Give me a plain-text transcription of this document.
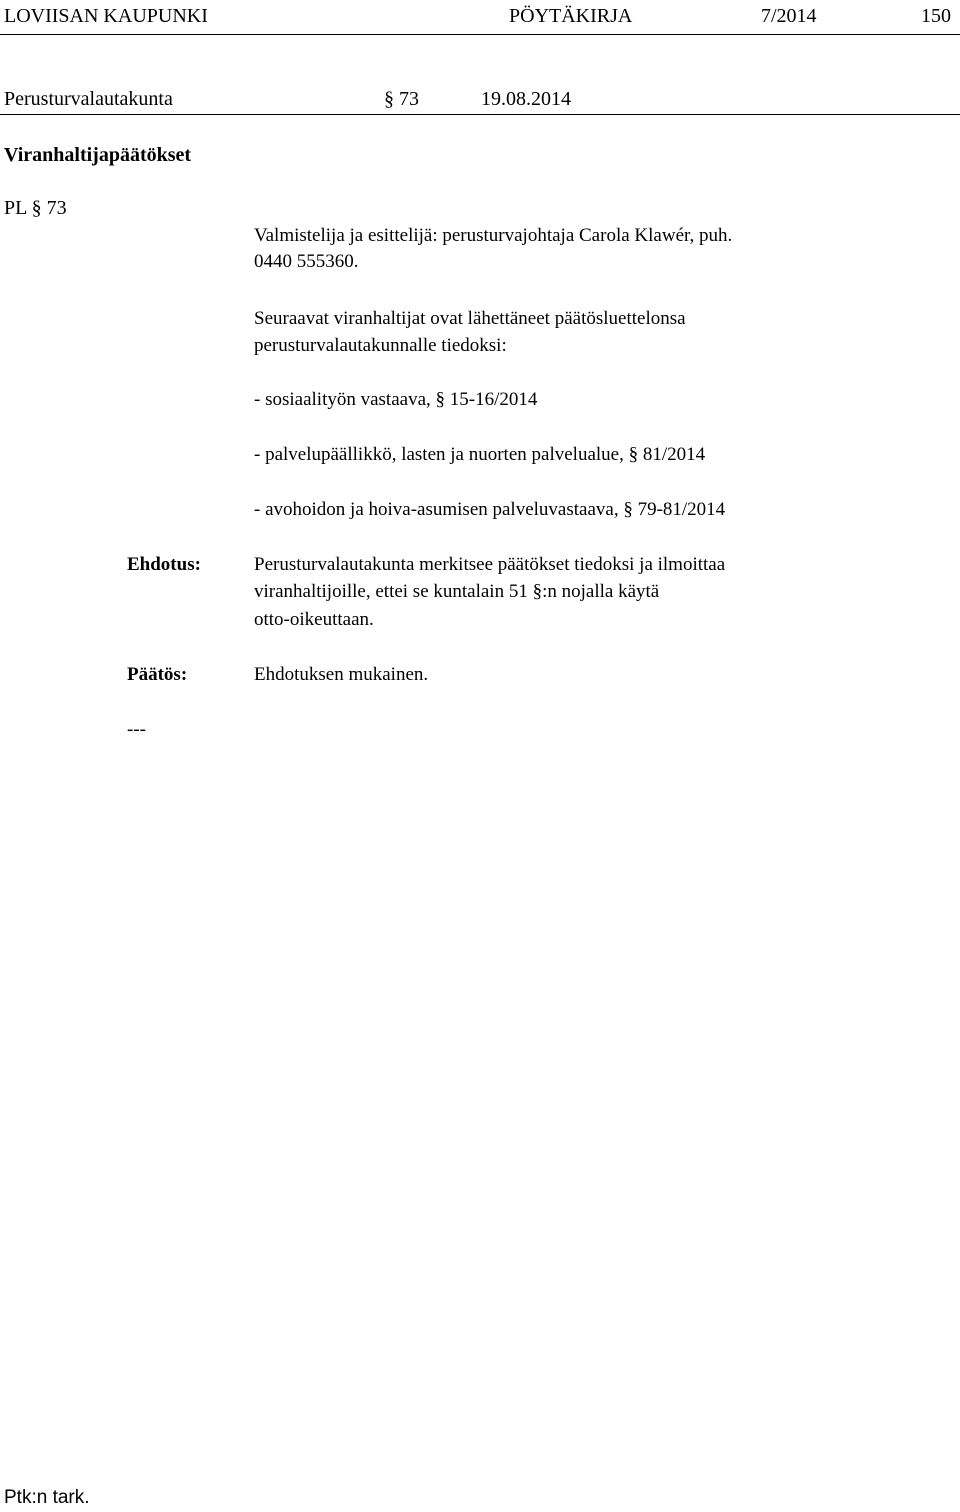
LOVIISAN KAUPUNKI	PÖYTÄKIRJA	7/2014	150
Perusturvalautakunta	§ 73	19.08.2014
Viranhaltijapäätökset
PL § 73
Valmistelija ja esittelijä: perusturvajohtaja Carola Klawér, puh.
0440 555360.
Seuraavat viranhaltijat ovat lähettäneet päätösluettelonsa
perusturvalautakunnalle tiedoksi:
- sosiaalityön vastaava, § 15-16/2014
- palvelupäällikkö, lasten ja nuorten palvelualue, § 81/2014
- avohoidon ja hoiva-asumisen palveluvastaava, § 79-81/2014
Ehdotus:	Perusturvalautakunta merkitsee päätökset tiedoksi ja ilmoittaa
viranhaltijoille, ettei se kuntalain 51 §:n nojalla käytä
otto-oikeuttaan.
Päätös:	Ehdotuksen mukainen.
---
Ptk:n tark.
